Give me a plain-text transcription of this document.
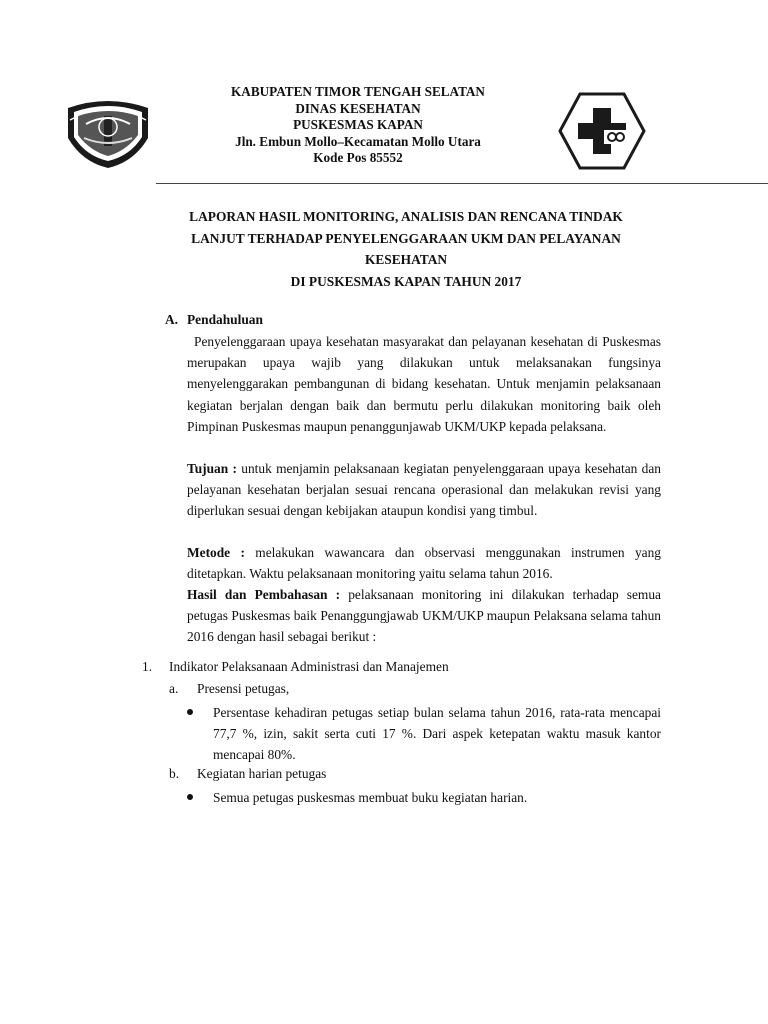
KABUPATEN TIMOR TENGAH SELATAN
DINAS KESEHATAN
PUSKESMAS KAPAN
Jln. Embun Mollo–Kecamatan Mollo Utara
Kode Pos 85552
LAPORAN HASIL MONITORING, ANALISIS DAN RENCANA TINDAK
LANJUT TERHADAP PENYELENGGARAAN UKM DAN PELAYANAN
KESEHATAN
DI PUSKESMAS KAPAN TAHUN 2017
A. Pendahuluan
Penyelenggaraan upaya kesehatan masyarakat dan pelayanan kesehatan di Puskesmas merupakan upaya wajib yang dilakukan untuk melaksanakan fungsinya menyelenggarakan pembangunan di bidang kesehatan. Untuk menjamin pelaksanaan kegiatan berjalan dengan baik dan bermutu perlu dilakukan monitoring baik oleh Pimpinan Puskesmas maupun penanggunjawab UKM/UKP kepada pelaksana.
Tujuan : untuk menjamin pelaksanaan kegiatan penyelenggaraan upaya kesehatan dan pelayanan kesehatan berjalan sesuai rencana operasional dan melakukan revisi yang diperlukan sesuai dengan kebijakan ataupun kondisi yang timbul.
Metode : melakukan wawancara dan observasi menggunakan instrumen yang ditetapkan. Waktu pelaksanaan monitoring yaitu selama tahun 2016.
Hasil dan Pembahasan : pelaksanaan monitoring ini dilakukan terhadap semua petugas Puskesmas baik Penanggungjawab UKM/UKP maupun Pelaksana selama tahun 2016 dengan hasil sebagai berikut :
1. Indikator Pelaksanaan Administrasi dan Manajemen
a. Presensi petugas,
Persentase kehadiran petugas setiap bulan selama tahun 2016, rata-rata mencapai 77,7 %, izin, sakit serta cuti 17 %. Dari aspek ketepatan waktu masuk kantor mencapai 80%.
b. Kegiatan harian petugas
Semua petugas puskesmas membuat buku kegiatan harian.
